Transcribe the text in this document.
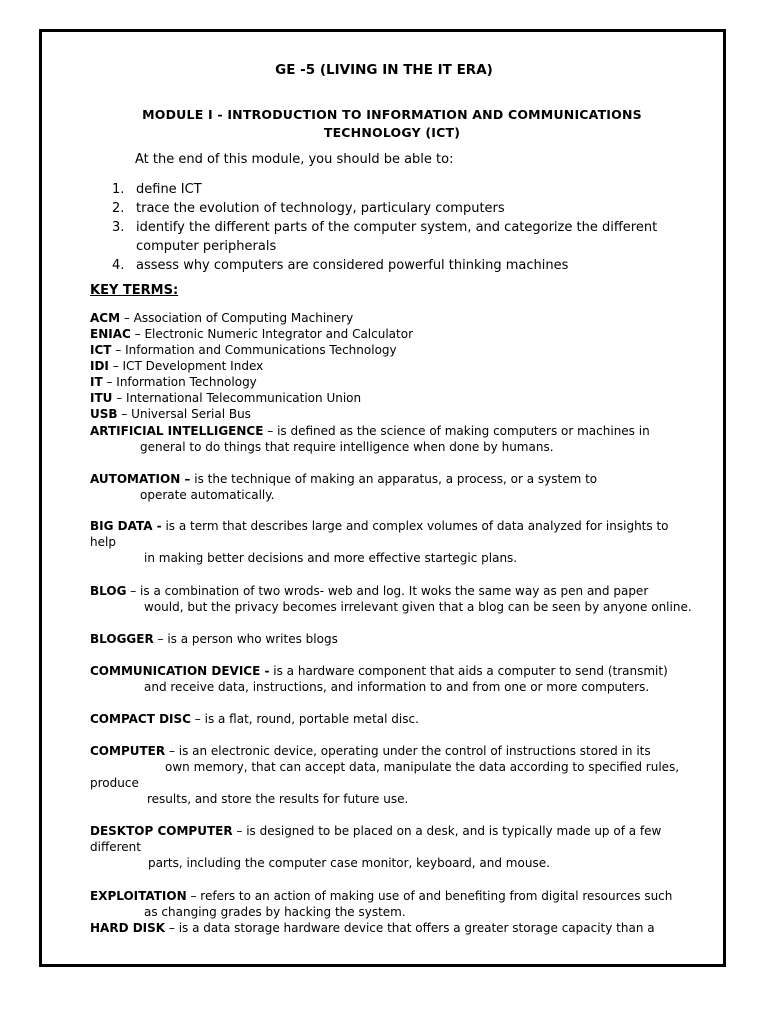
GE -5 (LIVING IN THE IT ERA)
MODULE I - INTRODUCTION TO INFORMATION AND COMMUNICATIONS
TECHNOLOGY (ICT)
At the end of this module, you should be able to:
1. define ICT
2. trace the evolution of technology, particulary computers
3. identify the different parts of the computer system, and categorize the different
computer peripherals
4. assess why computers are considered powerful thinking machines
KEY TERMS:
ACM – Association of Computing Machinery
ENIAC – Electronic Numeric Integrator and Calculator
ICT – Information and Communications Technology
IDI – ICT Development Index
IT – Information Technology
ITU – International Telecommunication Union
USB – Universal Serial Bus
ARTIFICIAL INTELLIGENCE – is defined as the science of making computers or machines in
general to do things that require intelligence when done by humans.
AUTOMATION – is the technique of making an apparatus, a process, or a system to
operate automatically.
BIG DATA - is a term that describes large and complex volumes of data analyzed for insights to
help
in making better decisions and more effective startegic plans.
BLOG – is a combination of two wrods- web and log. It woks the same way as pen and paper
would, but the privacy becomes irrelevant given that a blog can be seen by anyone online.
BLOGGER – is a person who writes blogs
COMMUNICATION DEVICE - is a hardware component that aids a computer to send (transmit)
and receive data, instructions, and information to and from one or more computers.
COMPACT DISC – is a flat, round, portable metal disc.
COMPUTER – is an electronic device, operating under the control of instructions stored in its
own memory, that can accept data, manipulate the data according to specified rules,
produce
results, and store the results for future use.
DESKTOP COMPUTER – is designed to be placed on a desk, and is typically made up of a few
different
parts, including the computer case monitor, keyboard, and mouse.
EXPLOITATION – refers to an action of making use of and benefiting from digital resources such
as changing grades by hacking the system.
HARD DISK – is a data storage hardware device that offers a greater storage capacity than a
